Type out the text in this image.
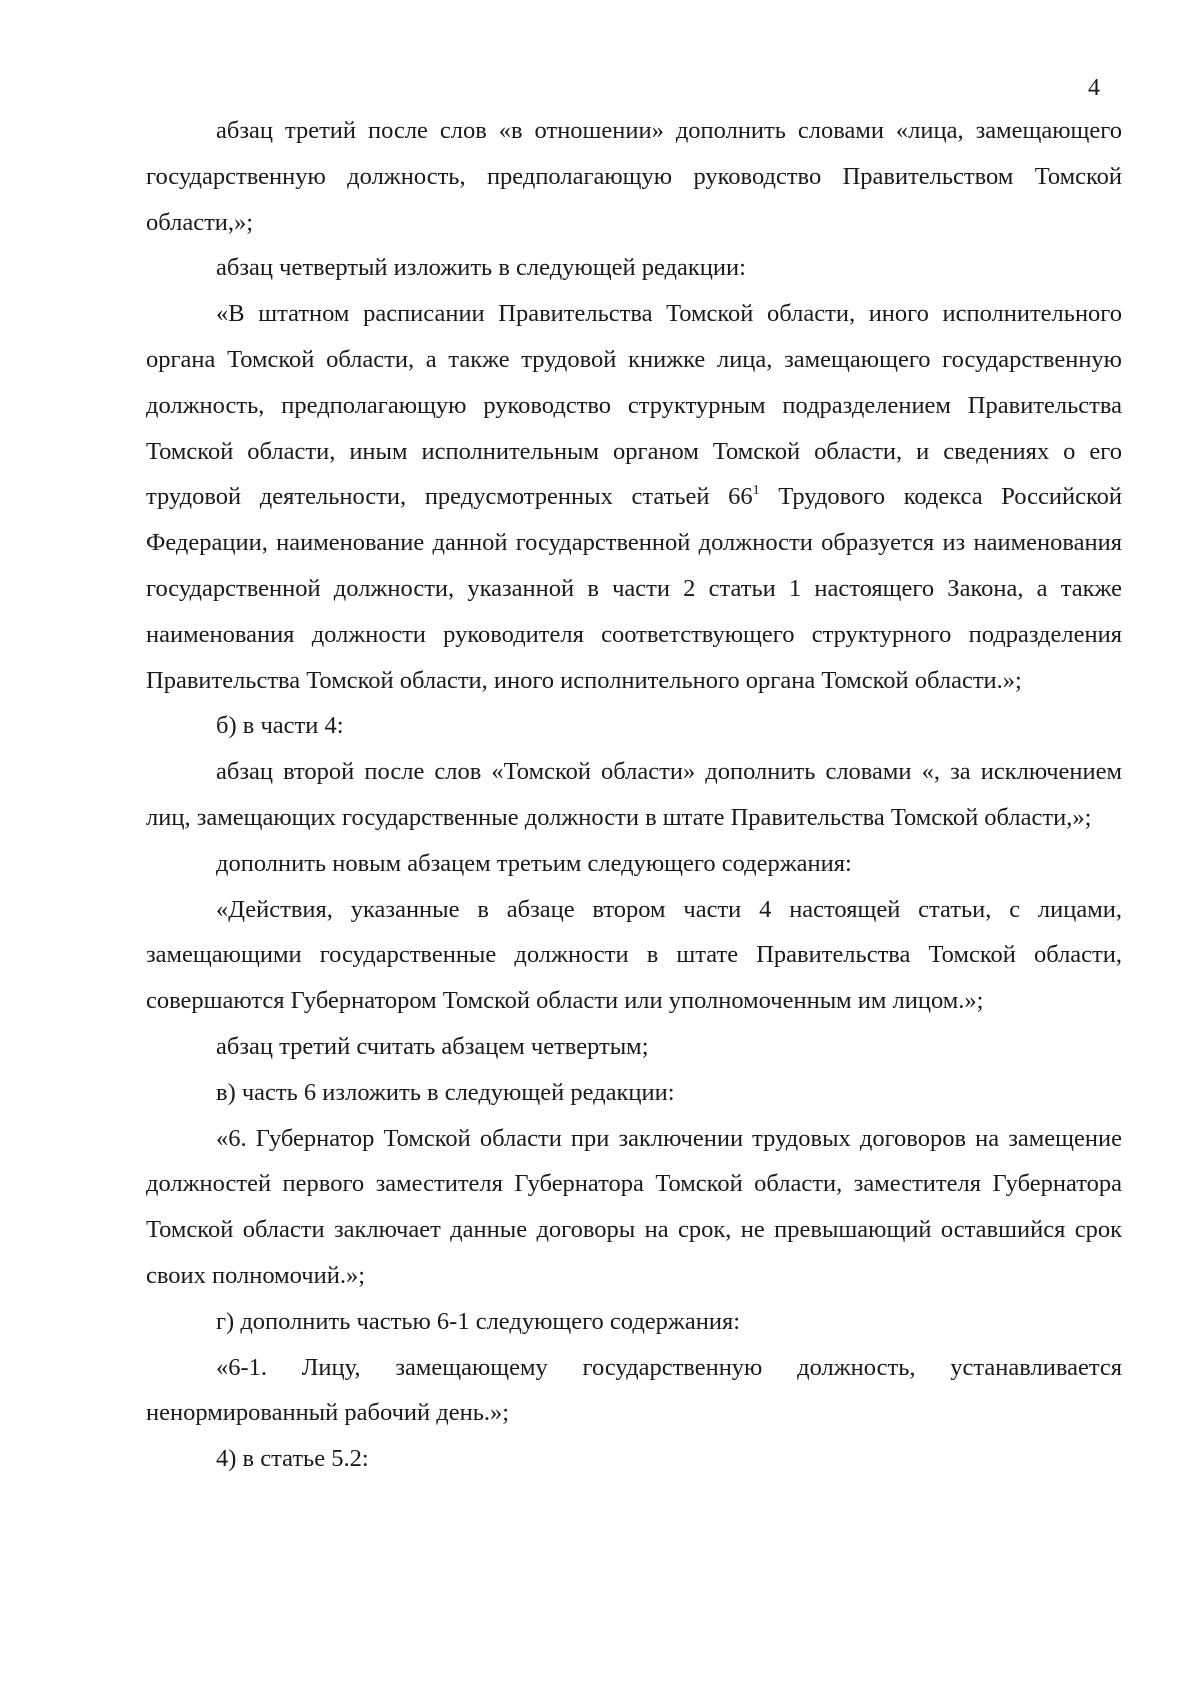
4

абзац третий после слов «в отношении» дополнить словами «лица, замещающего государственную должность, предполагающую руководство Правительством Томской области,»;

абзац четвертый изложить в следующей редакции:

«В штатном расписании Правительства Томской области, иного исполнительного органа Томской области, а также трудовой книжке лица, замещающего государственную должность, предполагающую руководство структурным подразделением Правительства Томской области, иным исполнительным органом Томской области, и сведениях о его трудовой деятельности, предусмотренных статьей $66^1$ Трудового кодекса Российской Федерации, наименование данной государственной должности образуется из наименования государственной должности, указанной в части 2 статьи 1 настоящего Закона, а также наименования должности руководителя соответствующего структурного подразделения Правительства Томской области, иного исполнительного органа Томской области.»;

б) в части 4:

абзац второй после слов «Томской области» дополнить словами «, за исключением лиц, замещающих государственные должности в штате Правительства Томской области,»;

дополнить новым абзацем третьим следующего содержания:

«Действия, указанные в абзаце втором части 4 настоящей статьи, с лицами, замещающими государственные должности в штате Правительства Томской области, совершаются Губернатором Томской области или уполномоченным им лицом.»;

абзац третий считать абзацем четвертым;

в) часть 6 изложить в следующей редакции:

«6. Губернатор Томской области при заключении трудовых договоров на замещение должностей первого заместителя Губернатора Томской области, заместителя Губернатора Томской области заключает данные договоры на срок, не превышающий оставшийся срок своих полномочий.»;

г) дополнить частью 6-1 следующего содержания:

«6-1. Лицу, замещающему государственную должность, устанавливается ненормированный рабочий день.»;

4) в статье 5.2:
